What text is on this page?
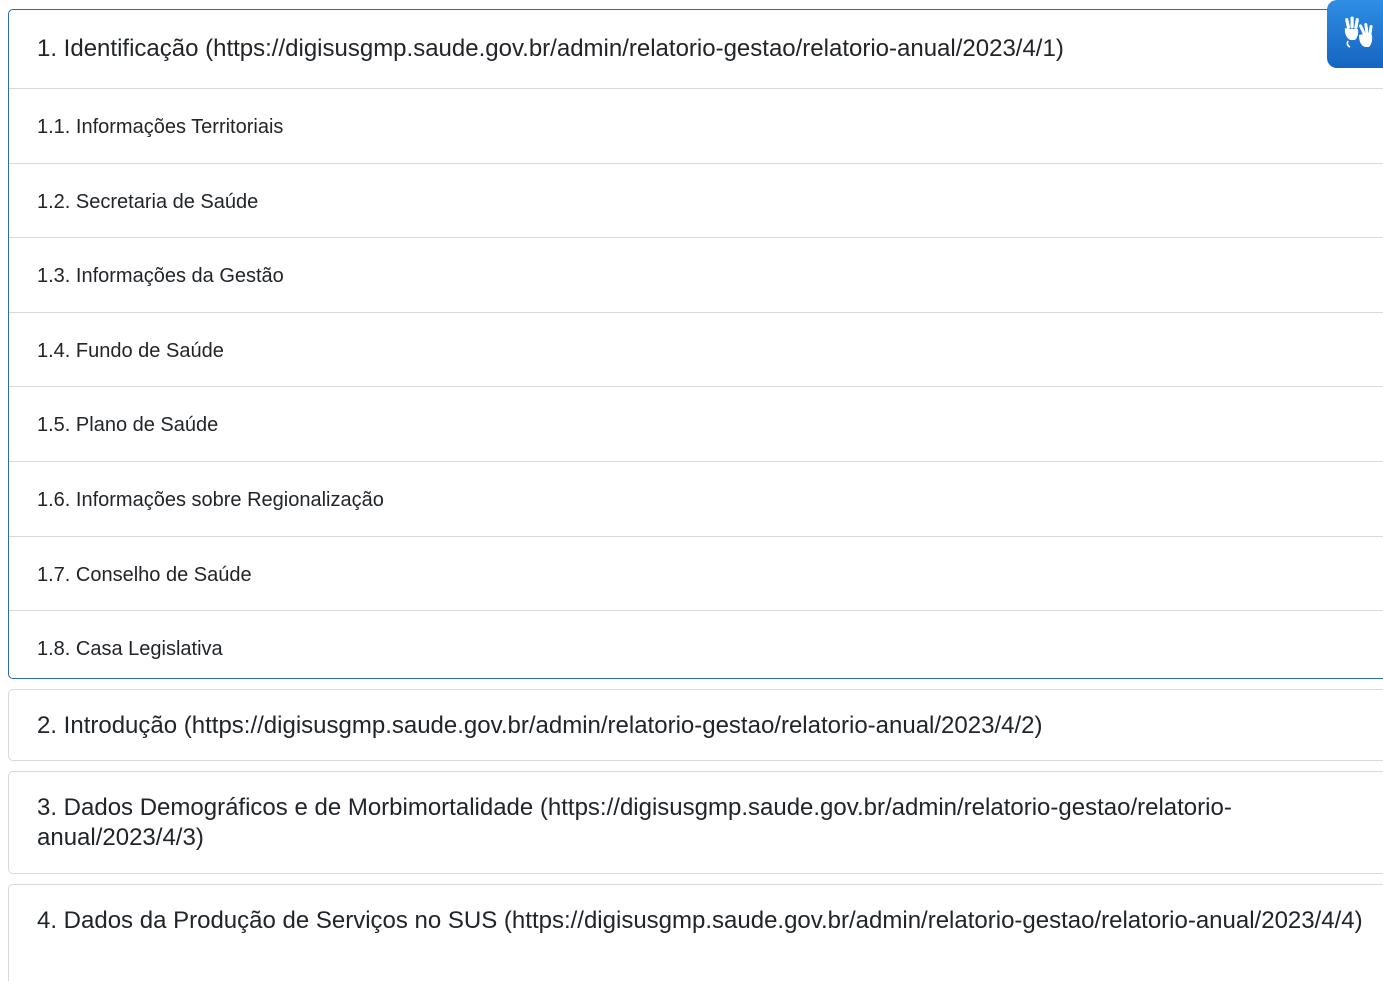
1. Identificação (https://digisusgmp.saude.gov.br/admin/relatorio-gestao/relatorio-anual/2023/4/1)
1.1. Informações Territoriais
1.2. Secretaria de Saúde
1.3. Informações da Gestão
1.4. Fundo de Saúde
1.5. Plano de Saúde
1.6. Informações sobre Regionalização
1.7. Conselho de Saúde
1.8. Casa Legislativa
2. Introdução (https://digisusgmp.saude.gov.br/admin/relatorio-gestao/relatorio-anual/2023/4/2)
3. Dados Demográficos e de Morbimortalidade (https://digisusgmp.saude.gov.br/admin/relatorio-gestao/relatorio-anual/2023/4/3)
4. Dados da Produção de Serviços no SUS (https://digisusgmp.saude.gov.br/admin/relatorio-gestao/relatorio-anual/2023/4/4)
